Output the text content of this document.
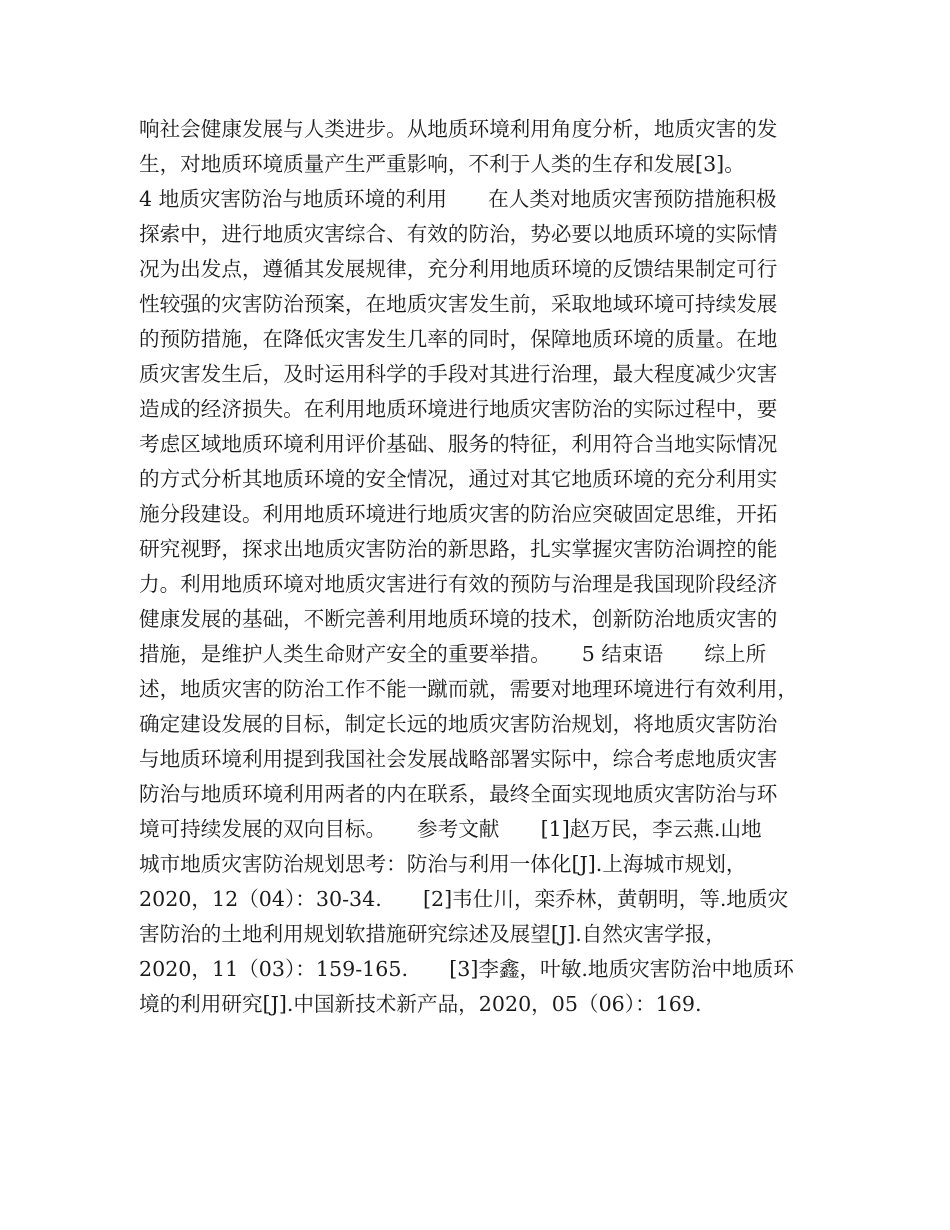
响社会健康发展与人类进步。从地质环境利用角度分析，地质灾害的发
生，对地质环境质量产生严重影响，不利于人类的生存和发展[3]。
4 地质灾害防治与地质环境的利用　　在人类对地质灾害预防措施积极
探索中，进行地质灾害综合、有效的防治，势必要以地质环境的实际情
况为出发点，遵循其发展规律，充分利用地质环境的反馈结果制定可行
性较强的灾害防治预案，在地质灾害发生前，采取地域环境可持续发展
的预防措施，在降低灾害发生几率的同时，保障地质环境的质量。在地
质灾害发生后，及时运用科学的手段对其进行治理，最大程度减少灾害
造成的经济损失。在利用地质环境进行地质灾害防治的实际过程中，要
考虑区域地质环境利用评价基础、服务的特征，利用符合当地实际情况
的方式分析其地质环境的安全情况，通过对其它地质环境的充分利用实
施分段建设。利用地质环境进行地质灾害的防治应突破固定思维，开拓
研究视野，探求出地质灾害防治的新思路，扎实掌握灾害防治调控的能
力。利用地质环境对地质灾害进行有效的预防与治理是我国现阶段经济
健康发展的基础，不断完善利用地质环境的技术，创新防治地质灾害的
措施，是维护人类生命财产安全的重要举措。　　5 结束语　　综上所
述，地质灾害的防治工作不能一蹴而就，需要对地理环境进行有效利用，
确定建设发展的目标，制定长远的地质灾害防治规划，将地质灾害防治
与地质环境利用提到我国社会发展战略部署实际中，综合考虑地质灾害
防治与地质环境利用两者的内在联系，最终全面实现地质灾害防治与环
境可持续发展的双向目标。　　参考文献　　[1]赵万民，李云燕.山地
城市地质灾害防治规划思考：防治与利用一体化[J].上海城市规划，
2020，12（04）：30-34.　　[2]韦仕川，栾乔林，黄朝明，等.地质灾
害防治的土地利用规划软措施研究综述及展望[J].自然灾害学报，
2020，11（03）：159-165.　　[3]李鑫，叶敏.地质灾害防治中地质环
境的利用研究[J].中国新技术新产品，2020，05（06）：169.
